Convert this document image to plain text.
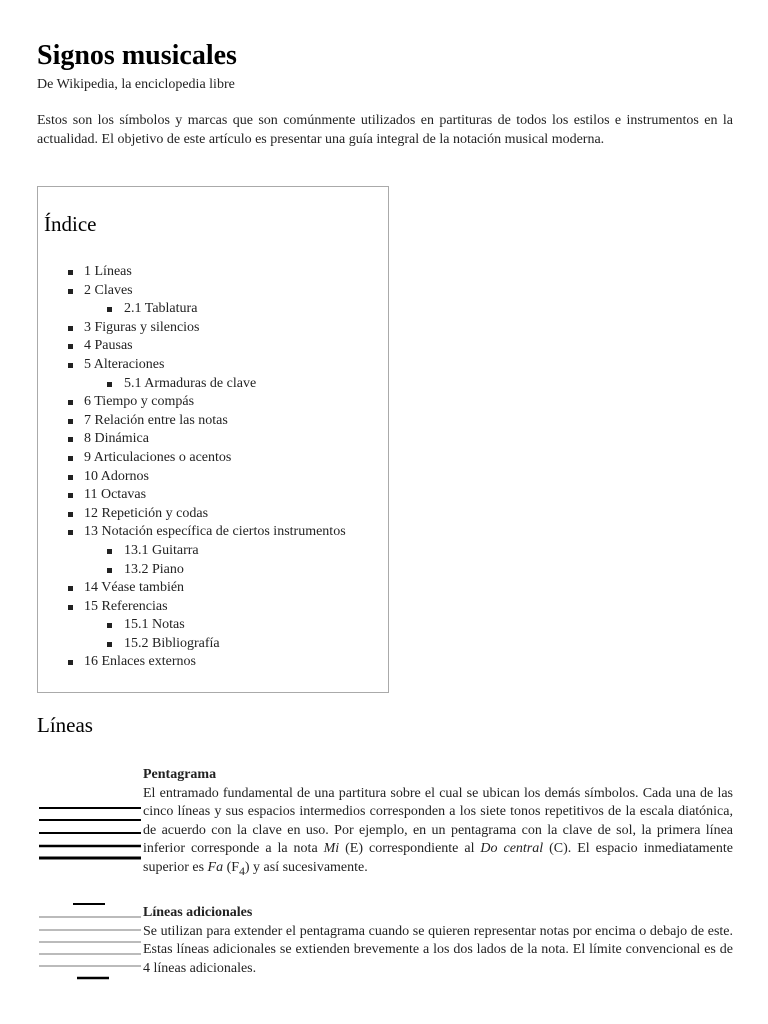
Signos musicales
De Wikipedia, la enciclopedia libre
Estos son los símbolos y marcas que son comúnmente utilizados en partituras de todos los estilos e instrumentos en la actualidad. El objetivo de este artículo es presentar una guía integral de la notación musical moderna.
Índice
1 Líneas
2 Claves
2.1 Tablatura
3 Figuras y silencios
4 Pausas
5 Alteraciones
5.1 Armaduras de clave
6 Tiempo y compás
7 Relación entre las notas
8 Dinámica
9 Articulaciones o acentos
10 Adornos
11 Octavas
12 Repetición y codas
13 Notación específica de ciertos instrumentos
13.1 Guitarra
13.2 Piano
14 Véase también
15 Referencias
15.1 Notas
15.2 Bibliografía
16 Enlaces externos
Líneas
Pentagrama
El entramado fundamental de una partitura sobre el cual se ubican los demás símbolos. Cada una de las cinco líneas y sus espacios intermedios corresponden a los siete tonos repetitivos de la escala diatónica, de acuerdo con la clave en uso. Por ejemplo, en un pentagrama con la clave de sol, la primera línea inferior corresponde a la nota Mi (E) correspondiente al Do central (C). El espacio inmediatamente superior es Fa $(F_4)$ y así sucesivamente.
Líneas adicionales
Se utilizan para extender el pentagrama cuando se quieren representar notas por encima o debajo de este. Estas líneas adicionales se extienden brevemente a los dos lados de la nota. El límite convencional es de 4 líneas adicionales.
